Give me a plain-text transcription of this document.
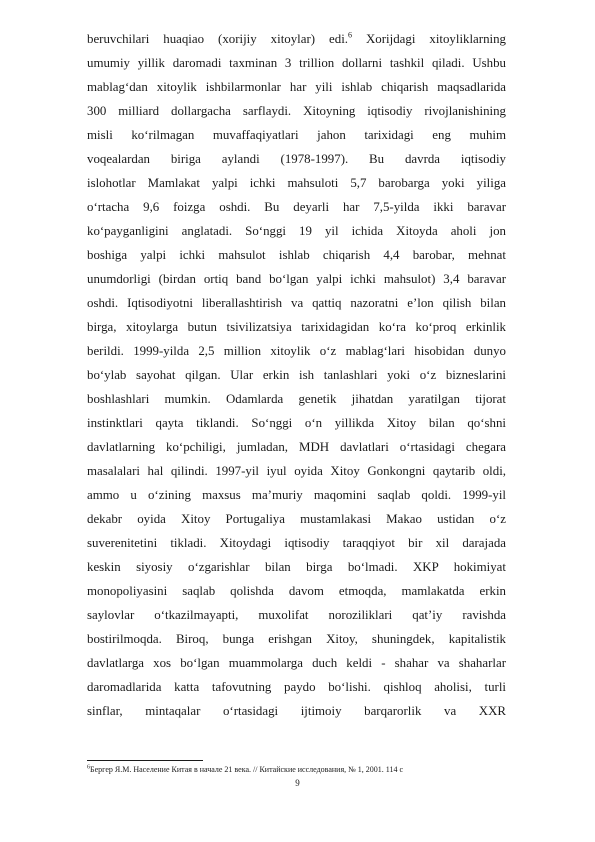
beruvchilari huaqiao (xorijiy xitoylar) edi.$^6$ Xorijdagi xitoyliklarning
umumiy yillik daromadi taxminan 3 trillion dollarni tashkil qiladi. Ushbu
mablag‘dan xitoylik ishbilarmonlar har yili ishlab chiqarish maqsadlarida
300 milliard dollargacha sarflaydi. Xitoyning iqtisodiy rivojlanishining
misli ko‘rilmagan muvaffaqiyatlari jahon tarixidagi eng muhim
voqealardan biriga aylandi (1978-1997). Bu davrda iqtisodiy
islohotlar Mamlakat yalpi ichki mahsuloti 5,7 barobarga yoki yiliga
o‘rtacha 9,6 foizga oshdi. Bu deyarli har 7,5-yilda ikki baravar
ko‘payganligini anglatadi. So‘nggi 19 yil ichida Xitoyda aholi jon
boshiga yalpi ichki mahsulot ishlab chiqarish 4,4 barobar, mehnat
unumdorligi (birdan ortiq band bo‘lgan yalpi ichki mahsulot) 3,4 baravar
oshdi. Iqtisodiyotni liberallashtirish va qattiq nazoratni e’lon qilish bilan
birga, xitoylarga butun tsivilizatsiya tarixidagidan ko‘ra ko‘proq erkinlik
berildi. 1999-yilda 2,5 million xitoylik o‘z mablag‘lari hisobidan dunyo
bo‘ylab sayohat qilgan. Ular erkin ish tanlashlari yoki o‘z bizneslarini
boshlashlari mumkin. Odamlarda genetik jihatdan yaratilgan tijorat
instinktlari qayta tiklandi. So‘nggi o‘n yillikda Xitoy bilan qo‘shni
davlatlarning ko‘pchiligi, jumladan, MDH davlatlari o‘rtasidagi chegara
masalalari hal qilindi. 1997-yil iyul oyida Xitoy Gonkongni qaytarib oldi,
ammo u o‘zining maxsus ma’muriy maqomini saqlab qoldi. 1999-yil
dekabr oyida Xitoy Portugaliya mustamlakasi Makao ustidan o‘z
suverenitetini tikladi. Xitoydagi iqtisodiy taraqqiyot bir xil darajada
keskin siyosiy o‘zgarishlar bilan birga bo‘lmadi. XKP hokimiyat
monopoliyasini saqlab qolishda davom etmoqda, mamlakatda erkin
saylovlar o‘tkazilmayapti, muxolifat noroziliklari qat’iy ravishda
bostirilmoqda. Biroq, bunga erishgan Xitoy, shuningdek, kapitalistik
davlatlarga xos bo‘lgan muammolarga duch keldi - shahar va shaharlar
daromadlarida katta tafovutning paydo bo‘lishi. qishloq aholisi, turli
sinflar, mintaqalar o‘rtasidagi ijtimoiy barqarorlik va XXR
$^6$Бергер Я.М. Население Китая в начале 21 века. // Китайские исследования, № 1, 2001. 114 с
9
